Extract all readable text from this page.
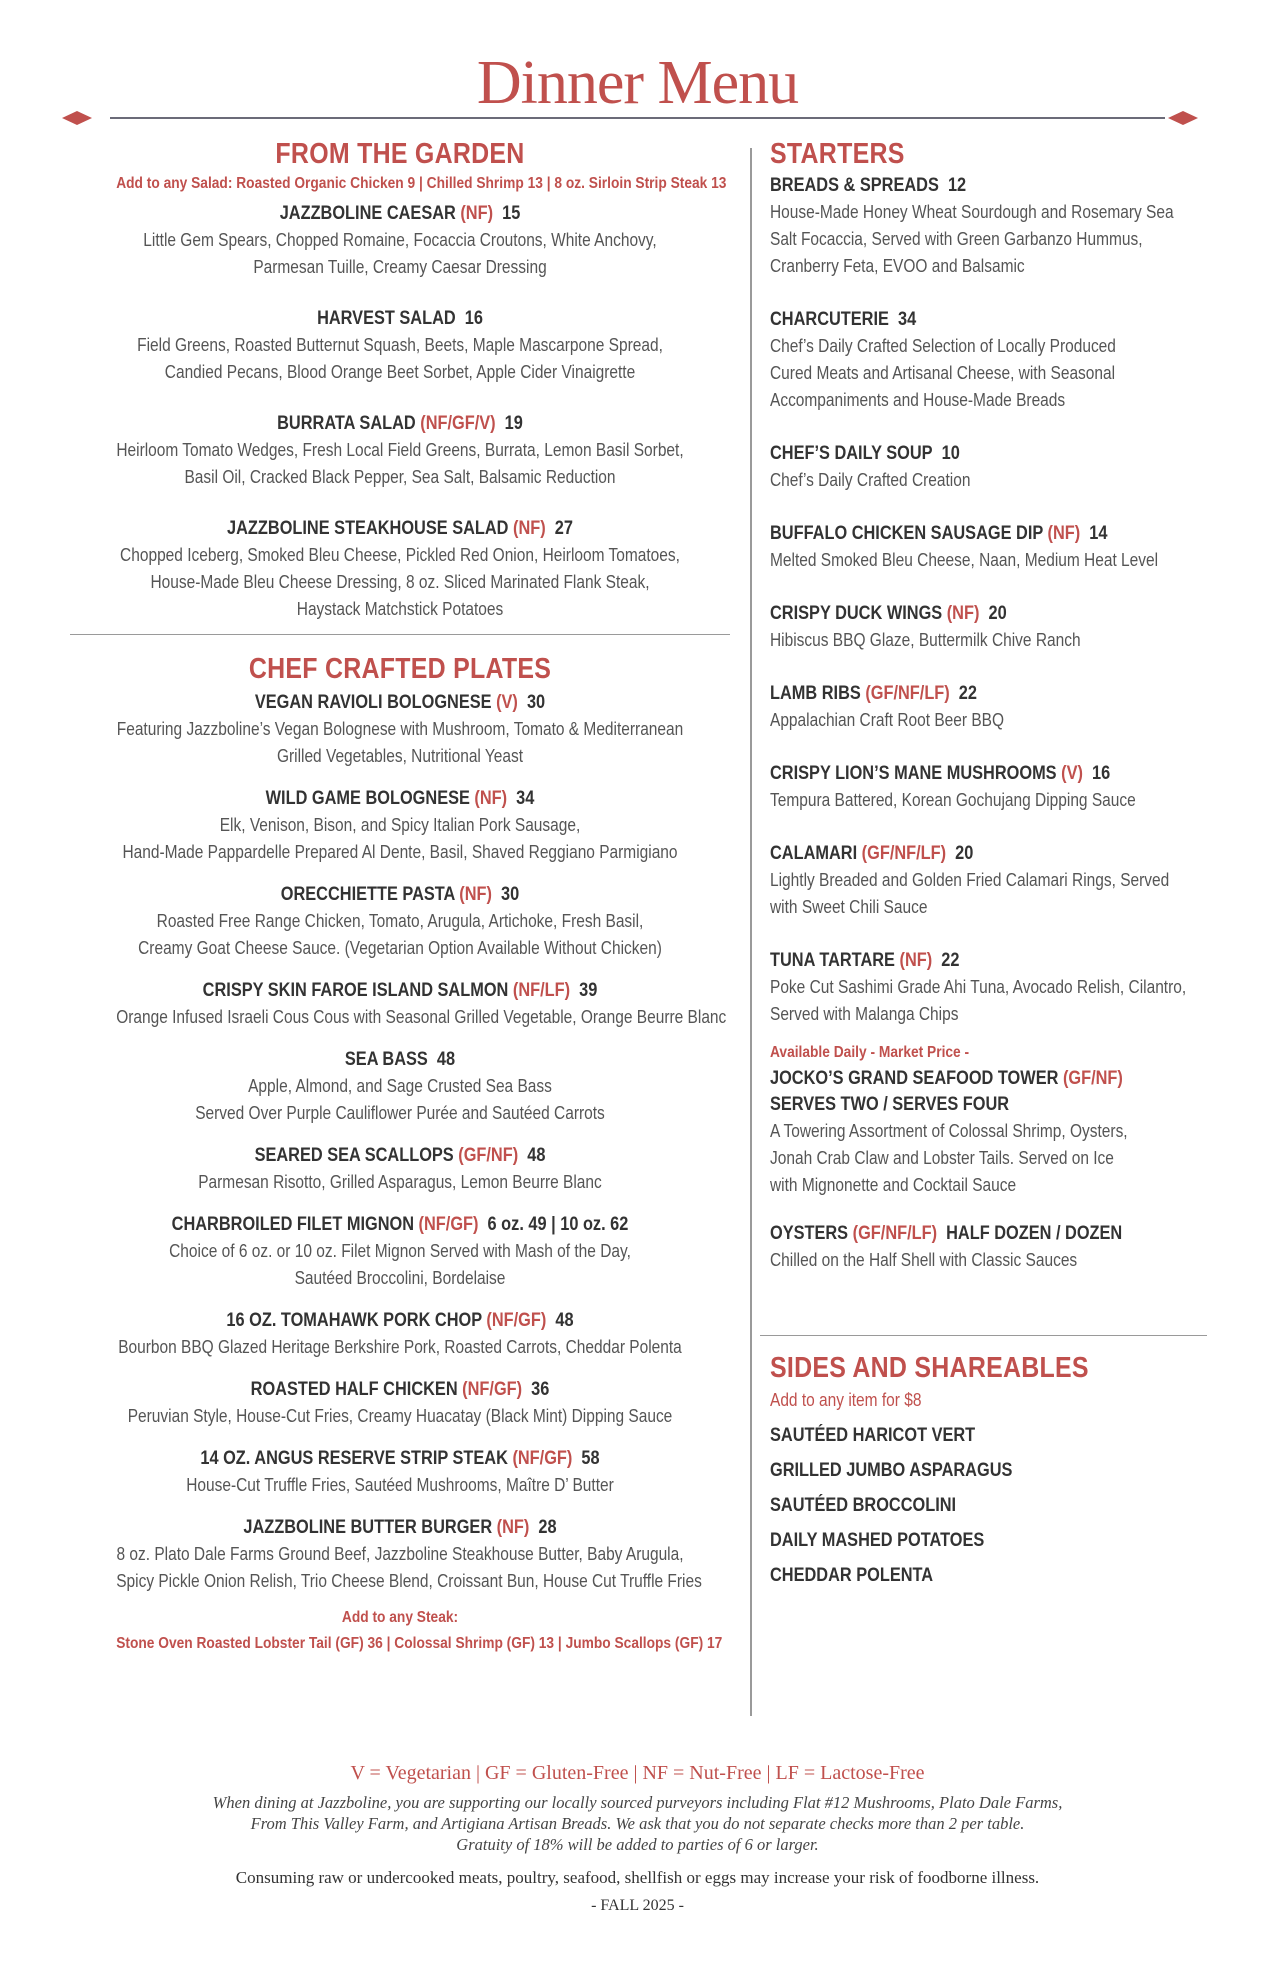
Dinner Menu
FROM THE GARDEN
Add to any Salad: Roasted Organic Chicken 9 | Chilled Shrimp 13 | 8 oz. Sirloin Strip Steak 13
JAZZBOLINE CAESAR (NF) 15
Little Gem Spears, Chopped Romaine, Focaccia Croutons, White Anchovy,
Parmesan Tuille, Creamy Caesar Dressing
HARVEST SALAD 16
Field Greens, Roasted Butternut Squash, Beets, Maple Mascarpone Spread,
Candied Pecans, Blood Orange Beet Sorbet, Apple Cider Vinaigrette
BURRATA SALAD (NF/GF/V) 19
Heirloom Tomato Wedges, Fresh Local Field Greens, Burrata, Lemon Basil Sorbet,
Basil Oil, Cracked Black Pepper, Sea Salt, Balsamic Reduction
JAZZBOLINE STEAKHOUSE SALAD (NF) 27
Chopped Iceberg, Smoked Bleu Cheese, Pickled Red Onion, Heirloom Tomatoes,
House-Made Bleu Cheese Dressing, 8 oz. Sliced Marinated Flank Steak,
Haystack Matchstick Potatoes
CHEF CRAFTED PLATES
VEGAN RAVIOLI BOLOGNESE (V) 30
Featuring Jazzboline’s Vegan Bolognese with Mushroom, Tomato & Mediterranean
Grilled Vegetables, Nutritional Yeast
WILD GAME BOLOGNESE (NF) 34
Elk, Venison, Bison, and Spicy Italian Pork Sausage,
Hand-Made Pappardelle Prepared Al Dente, Basil, Shaved Reggiano Parmigiano
ORECCHIETTE PASTA (NF) 30
Roasted Free Range Chicken, Tomato, Arugula, Artichoke, Fresh Basil,
Creamy Goat Cheese Sauce. (Vegetarian Option Available Without Chicken)
CRISPY SKIN FAROE ISLAND SALMON (NF/LF) 39
Orange Infused Israeli Cous Cous with Seasonal Grilled Vegetable, Orange Beurre Blanc
SEA BASS 48
Apple, Almond, and Sage Crusted Sea Bass
Served Over Purple Cauliflower Purée and Sautéed Carrots
SEARED SEA SCALLOPS (GF/NF) 48
Parmesan Risotto, Grilled Asparagus, Lemon Beurre Blanc
CHARBROILED FILET MIGNON (NF/GF) 6 oz. 49 | 10 oz. 62
Choice of 6 oz. or 10 oz. Filet Mignon Served with Mash of the Day,
Sautéed Broccolini, Bordelaise
16 OZ. TOMAHAWK PORK CHOP (NF/GF) 48
Bourbon BBQ Glazed Heritage Berkshire Pork, Roasted Carrots, Cheddar Polenta
ROASTED HALF CHICKEN (NF/GF) 36
Peruvian Style, House-Cut Fries, Creamy Huacatay (Black Mint) Dipping Sauce
14 OZ. ANGUS RESERVE STRIP STEAK (NF/GF) 58
House-Cut Truffle Fries, Sautéed Mushrooms, Maître D’ Butter
JAZZBOLINE BUTTER BURGER (NF) 28
8 oz. Plato Dale Farms Ground Beef, Jazzboline Steakhouse Butter, Baby Arugula,
Spicy Pickle Onion Relish, Trio Cheese Blend, Croissant Bun, House Cut Truffle Fries
Add to any Steak:
Stone Oven Roasted Lobster Tail (GF) 36 | Colossal Shrimp (GF) 13 | Jumbo Scallops (GF) 17
STARTERS
BREADS & SPREADS 12
House-Made Honey Wheat Sourdough and Rosemary Sea
Salt Focaccia, Served with Green Garbanzo Hummus,
Cranberry Feta, EVOO and Balsamic
CHARCUTERIE 34
Chef’s Daily Crafted Selection of Locally Produced
Cured Meats and Artisanal Cheese, with Seasonal
Accompaniments and House-Made Breads
CHEF’S DAILY SOUP 10
Chef’s Daily Crafted Creation
BUFFALO CHICKEN SAUSAGE DIP (NF) 14
Melted Smoked Bleu Cheese, Naan, Medium Heat Level
CRISPY DUCK WINGS (NF) 20
Hibiscus BBQ Glaze, Buttermilk Chive Ranch
LAMB RIBS (GF/NF/LF) 22
Appalachian Craft Root Beer BBQ
CRISPY LION’S MANE MUSHROOMS (V) 16
Tempura Battered, Korean Gochujang Dipping Sauce
CALAMARI (GF/NF/LF) 20
Lightly Breaded and Golden Fried Calamari Rings, Served
with Sweet Chili Sauce
TUNA TARTARE (NF) 22
Poke Cut Sashimi Grade Ahi Tuna, Avocado Relish, Cilantro,
Served with Malanga Chips
Available Daily - Market Price -
JOCKO’S GRAND SEAFOOD TOWER (GF/NF)
SERVES TWO / SERVES FOUR
A Towering Assortment of Colossal Shrimp, Oysters,
Jonah Crab Claw and Lobster Tails. Served on Ice
with Mignonette and Cocktail Sauce
OYSTERS (GF/NF/LF) HALF DOZEN / DOZEN
Chilled on the Half Shell with Classic Sauces
SIDES AND SHAREABLES
Add to any item for $8
SAUTÉED HARICOT VERT
GRILLED JUMBO ASPARAGUS
SAUTÉED BROCCOLINI
DAILY MASHED POTATOES
CHEDDAR POLENTA
V = Vegetarian | GF = Gluten-Free | NF = Nut-Free | LF = Lactose-Free
When dining at Jazzboline, you are supporting our locally sourced purveyors including Flat #12 Mushrooms, Plato Dale Farms,
From This Valley Farm, and Artigiana Artisan Breads. We ask that you do not separate checks more than 2 per table.
Gratuity of 18% will be added to parties of 6 or larger.
Consuming raw or undercooked meats, poultry, seafood, shellfish or eggs may increase your risk of foodborne illness.
- FALL 2025 -
